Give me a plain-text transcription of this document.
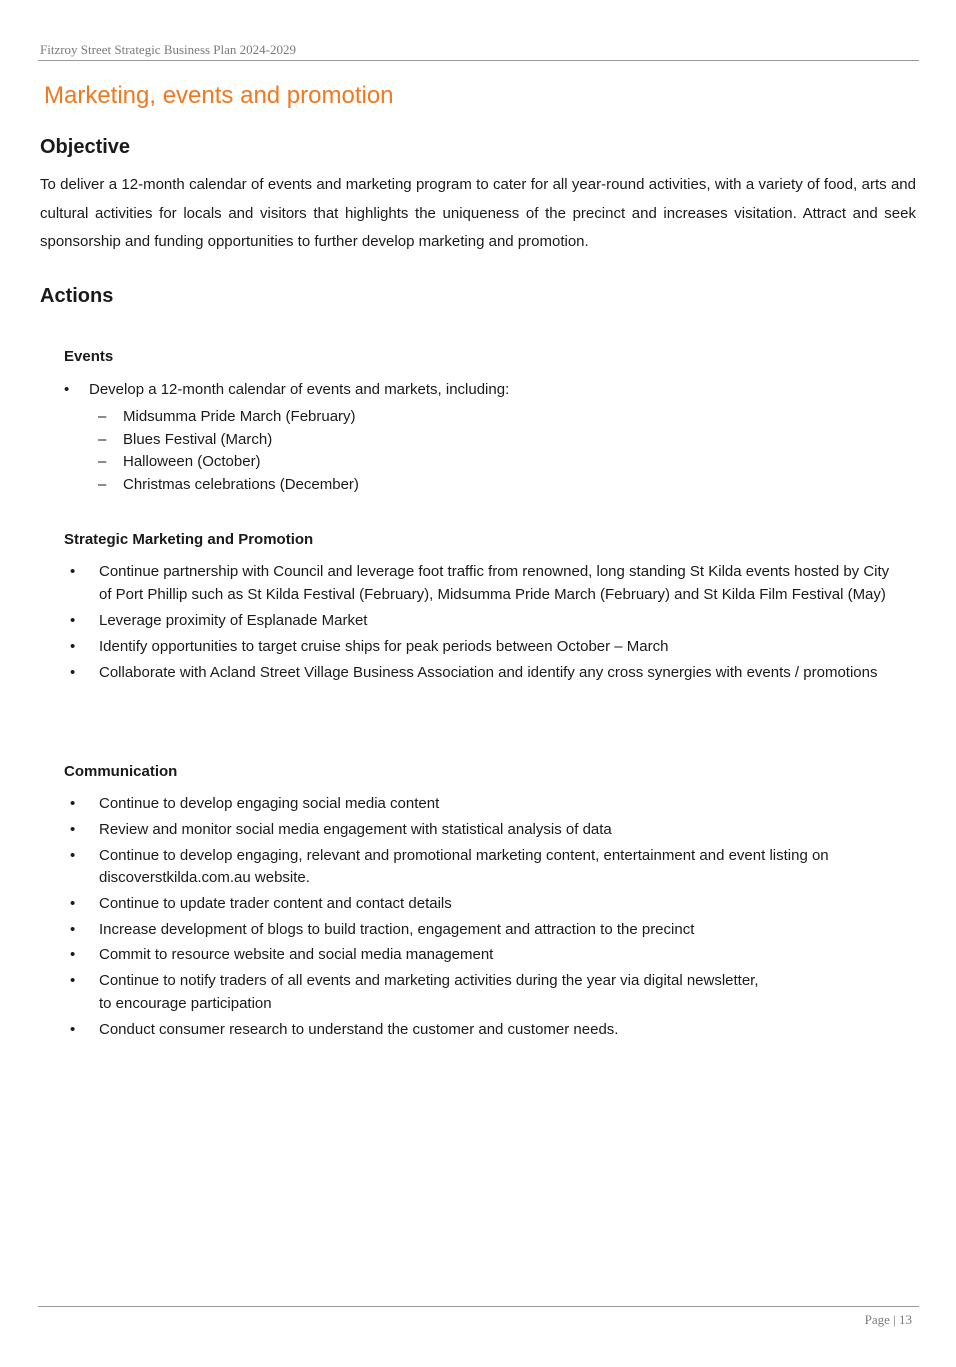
Fitzroy Street Strategic Business Plan 2024-2029
Marketing, events and promotion
Objective

To deliver a 12-month calendar of events and marketing program to cater for all year-round activities, with a variety of food, arts and cultural activities for locals and visitors that highlights the uniqueness of the precinct and increases visitation. Attract and seek sponsorship and funding opportunities to further develop marketing and promotion.

Actions
Events
• Develop a 12-month calendar of events and markets, including:
– Midsumma Pride March (February)
– Blues Festival (March)
– Halloween (October)
– Christmas celebrations (December)
Strategic Marketing and Promotion
• Continue partnership with Council and leverage foot traffic from renowned, long standing St Kilda events hosted by City of Port Phillip such as St Kilda Festival (February), Midsumma Pride March (February) and St Kilda Film Festival (May)
• Leverage proximity of Esplanade Market
• Identify opportunities to target cruise ships for peak periods between October – March
• Collaborate with Acland Street Village Business Association and identify any cross synergies with events / promotions
Communication
• Continue to develop engaging social media content
• Review and monitor social media engagement with statistical analysis of data
• Continue to develop engaging, relevant and promotional marketing content, entertainment and event listing on discoverstkilda.com.au website.
• Continue to update trader content and contact details
• Increase development of blogs to build traction, engagement and attraction to the precinct
• Commit to resource website and social media management
• Continue to notify traders of all events and marketing activities during the year via digital newsletter, to encourage participation
• Conduct consumer research to understand the customer and customer needs.
Page | 13
